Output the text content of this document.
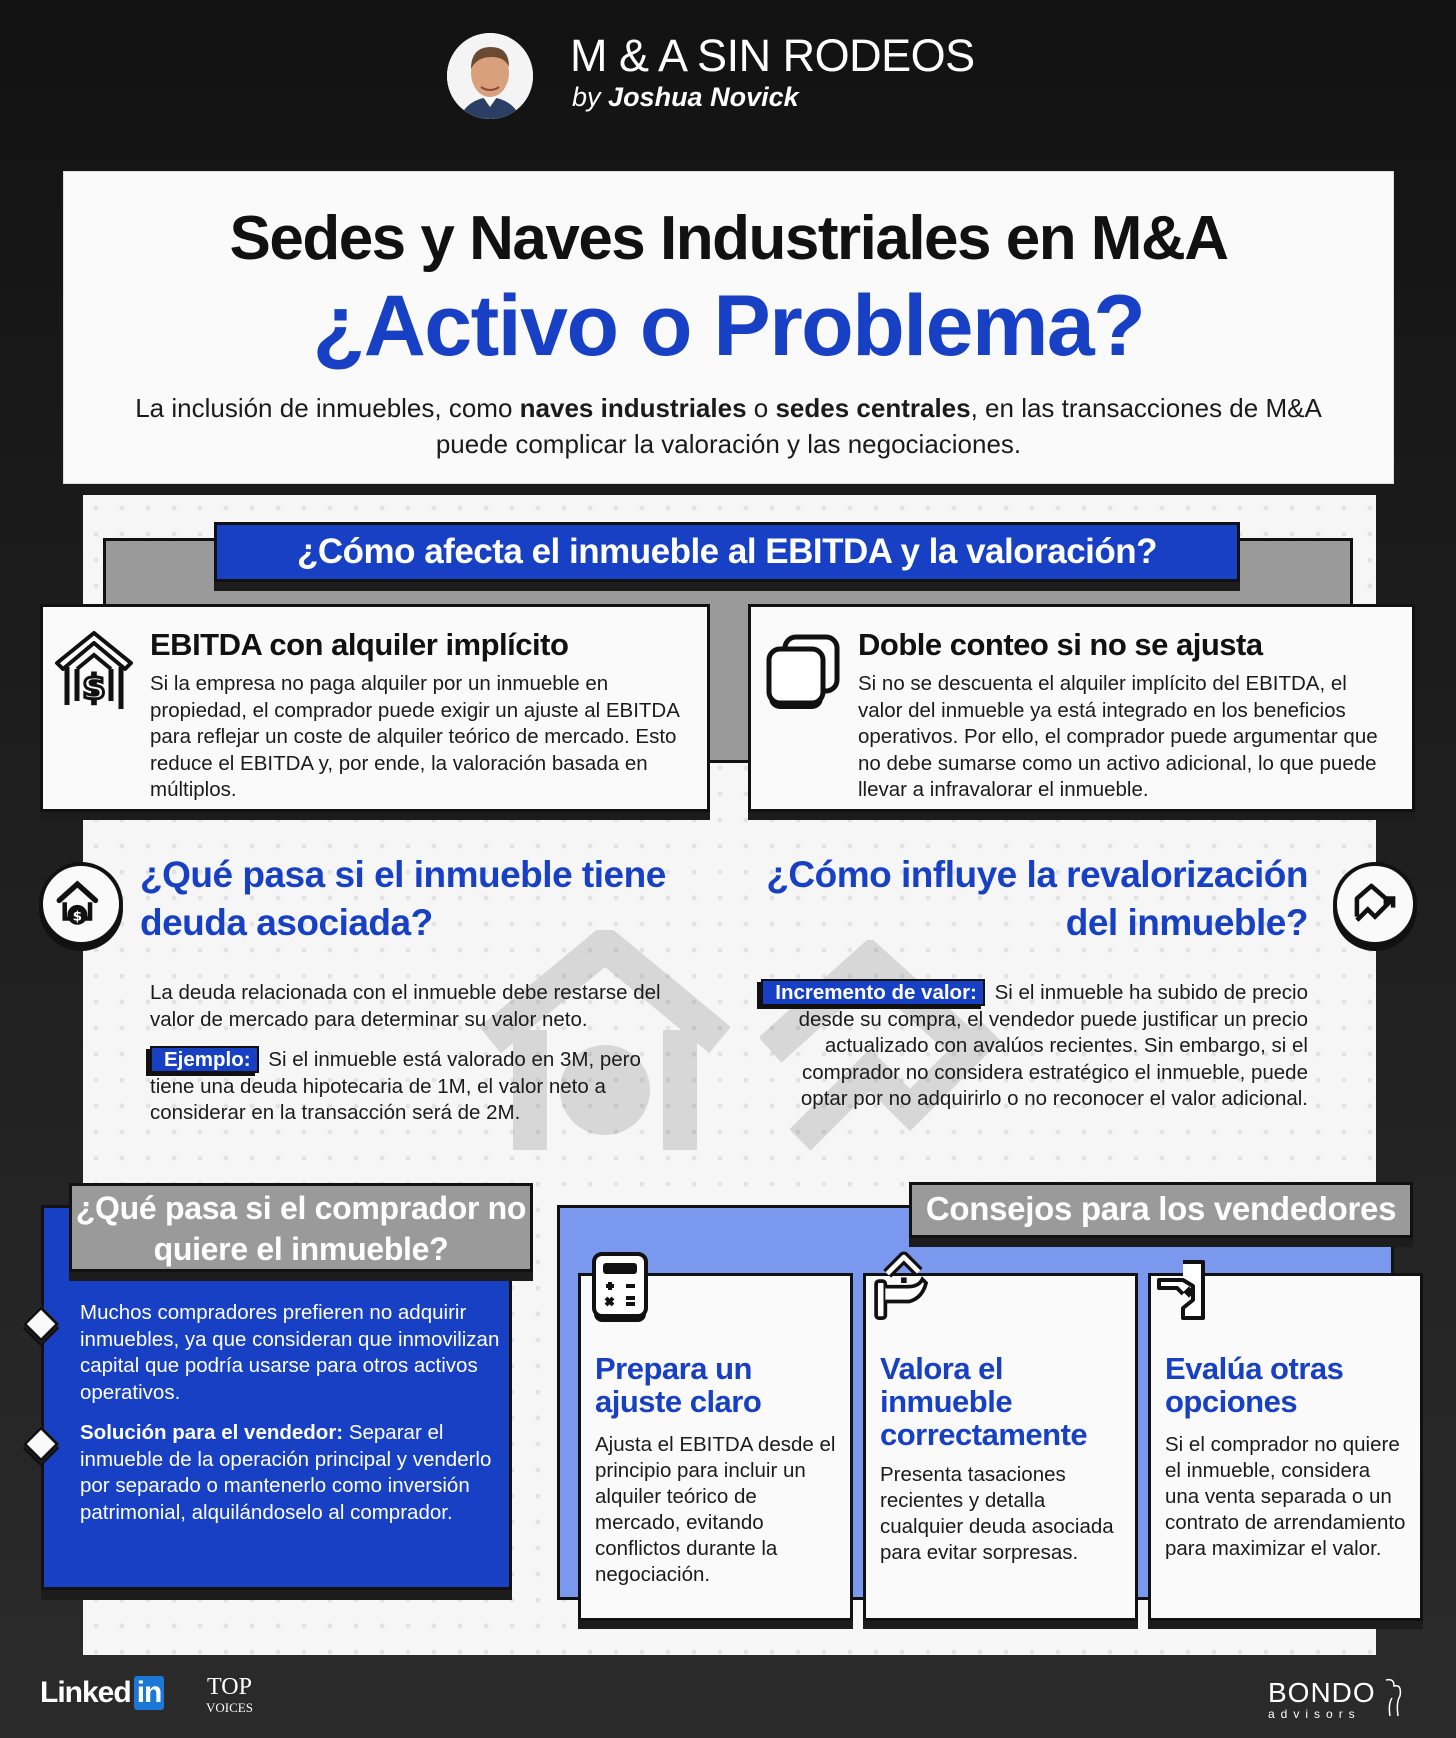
M & A SIN RODEOS
by Joshua Novick
Sedes y Naves Industriales en M&A
¿Activo o Problema?
La inclusión de inmuebles, como naves industriales o sedes centrales, en las transacciones de M&A puede complicar la valoración y las negociaciones.
¿Cómo afecta el inmueble al EBITDA y la valoración?
$
EBITDA con alquiler implícito

Si la empresa no paga alquiler por un inmueble en propiedad, el comprador puede exigir un ajuste al EBITDA para reflejar un coste de alquiler teórico de mercado. Esto reduce el EBITDA y, por ende, la valoración basada en múltiplos.

Doble conteo si no se ajusta

Si no se descuenta el alquiler implícito del EBITDA, el valor del inmueble ya está integrado en los beneficios operativos. Por ello, el comprador puede argumentar que no debe sumarse como un activo adicional, lo que puede llevar a infravalorar el inmueble.

$
¿Qué pasa si el inmueble tiene deuda asociada?
La deuda relacionada con el inmueble debe restarse del valor de mercado para determinar su valor neto.
Ejemplo: Si el inmueble está valorado en 3M, pero tiene una deuda hipotecaria de 1M, el valor neto a considerar en la transacción será de 2M.
¿Cómo influye la revalorización del inmueble?
Incremento de valor: Si el inmueble ha subido de precio desde su compra, el vendedor puede justificar un precio actualizado con avalúos recientes. Sin embargo, si el comprador no considera estratégico el inmueble, puede optar por no adquirirlo o no reconocer el valor adicional.
¿Qué pasa si el comprador no quiere el inmueble?
Muchos compradores prefieren no adquirir inmuebles, ya que consideran que inmovilizan capital que podría usarse para otros activos operativos.
Solución para el vendedor: Separar el inmueble de la operación principal y venderlo por separado o mantenerlo como inversión patrimonial, alquilándoselo al comprador.
Consejos para los vendedores
Prepara un ajuste claro

Ajusta el EBITDA desde el principio para incluir un alquiler teórico de mercado, evitando conflictos durante la negociación.

Valora el inmueble correctamente

Presenta tasaciones recientes y detalla cualquier deuda asociada para evitar sorpresas.

Evalúa otras opciones

Si el comprador no quiere el inmueble, considera una venta separada o un contrato de arrendamiento para maximizar el valor.

Linked in TOP
VOICES	BONDO
advisors
